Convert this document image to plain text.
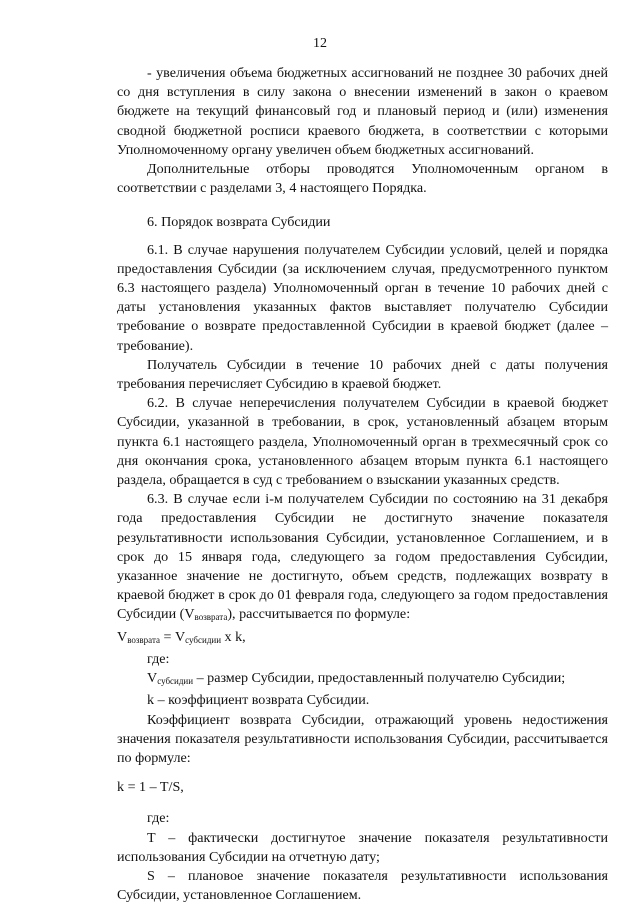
12

- увеличения объема бюджетных ассигнований не позднее 30 рабочих дней со дня вступления в силу закона о внесении изменений в закон о краевом бюджете на текущий финансовый год и плановый период и (или) изменения сводной бюджетной росписи краевого бюджета, в соответствии с которыми Уполномоченному органу увеличен объем бюджетных ассигнований.

Дополнительные отборы проводятся Уполномоченным органом в соответствии с разделами 3, 4 настоящего Порядка.

6. Порядок возврата Субсидии

6.1. В случае нарушения получателем Субсидии условий, целей и порядка предоставления Субсидии (за исключением случая, предусмотренного пунктом 6.3 настоящего раздела) Уполномоченный орган в течение 10 рабочих дней с даты установления указанных фактов выставляет получателю Субсидии требование о возврате предоставленной Субсидии в краевой бюджет (далее – требование).

Получатель Субсидии в течение 10 рабочих дней с даты получения требования перечисляет Субсидию в краевой бюджет.

6.2. В случае неперечисления получателем Субсидии в краевой бюджет Субсидии, указанной в требовании, в срок, установленный абзацем вторым пункта 6.1 настоящего раздела, Уполномоченный орган в трехмесячный срок со дня окончания срока, установленного абзацем вторым пункта 6.1 настоящего раздела, обращается в суд с требованием о взыскании указанных средств.

6.3. В случае если i-м получателем Субсидии по состоянию на 31 декабря года предоставления Субсидии не достигнуто значение показателя результативности использования Субсидии, установленное Соглашением, и в срок до 15 января года, следующего за годом предоставления Субсидии, указанное значение не достигнуто, объем средств, подлежащих возврату в краевой бюджет в срок до 01 февраля года, следующего за годом предоставления Субсидии $(V_{возврата})$, рассчитывается по формуле:

$V_{возврата} = V_{субсидии}$ x k,

где:

$V_{субсидии}$ – размер Субсидии, предоставленный получателю Субсидии;

k – коэффициент возврата Субсидии.

Коэффициент возврата Субсидии, отражающий уровень недостижения значения показателя результативности использования Субсидии, рассчитывается по формуле:

k = 1 – T/S,

где:

T – фактически достигнутое значение показателя результативности использования Субсидии на отчетную дату;

S – плановое значение показателя результативности использования Субсидии, установленное Соглашением.
